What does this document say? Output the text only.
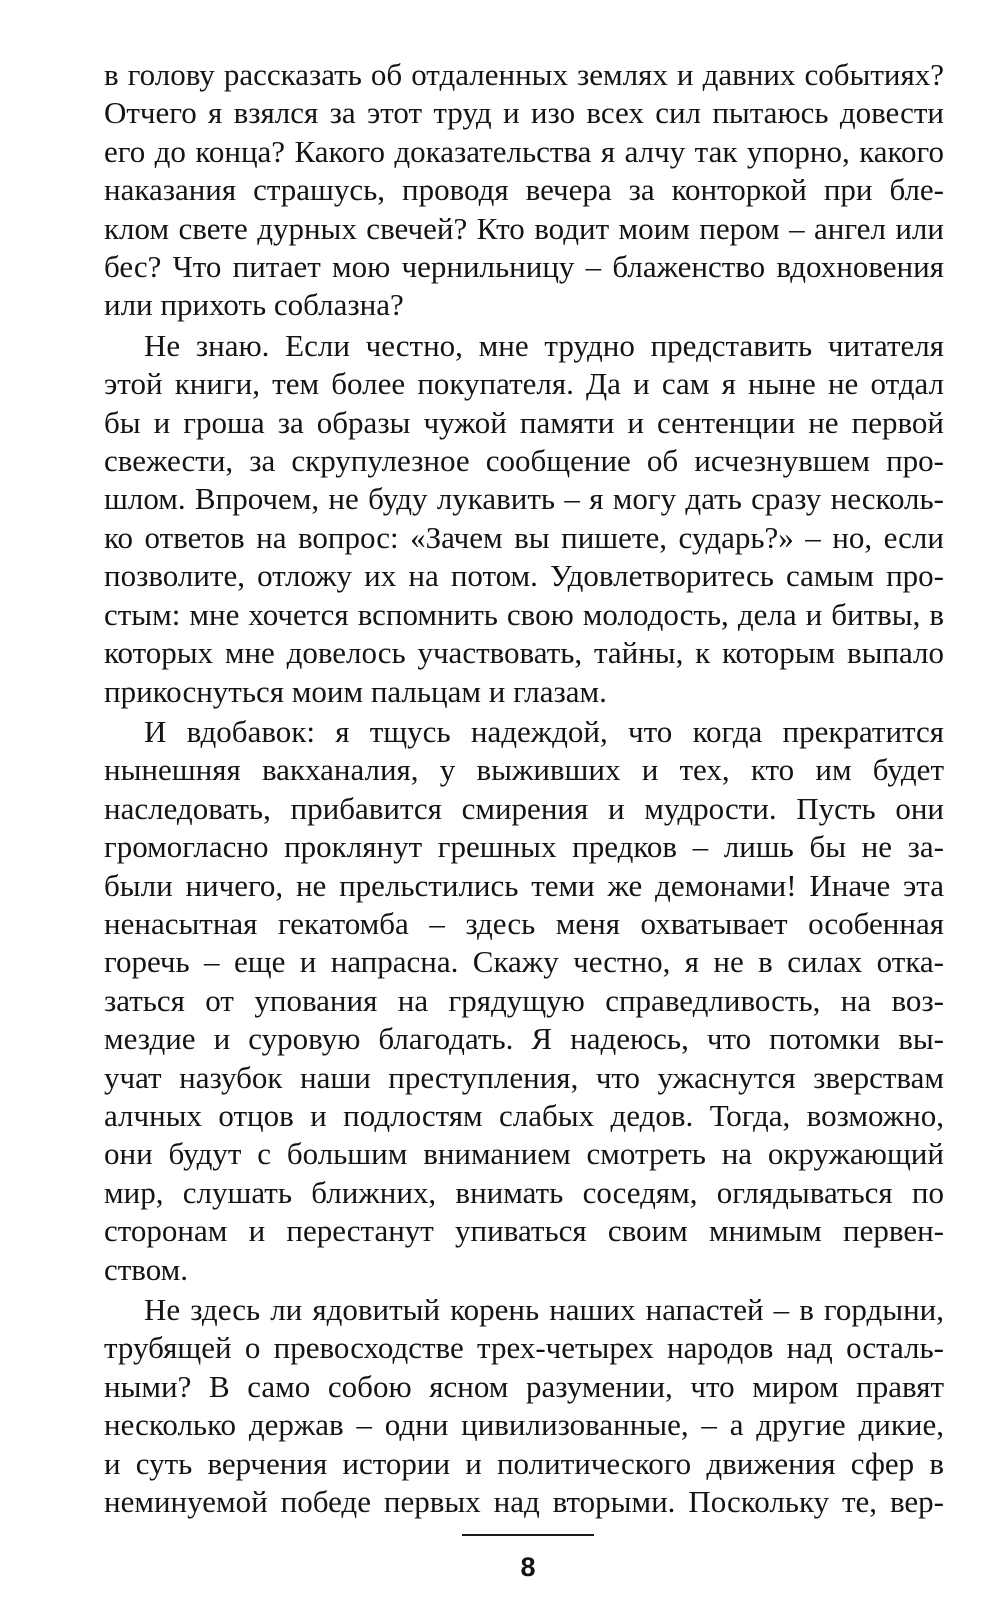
в голову рассказать об отдаленных землях и давних событиях?
Отчего я взялся за этот труд и изо всех сил пытаюсь довести
его до конца? Какого доказательства я алчу так упорно, какого
наказания страшусь, проводя вечера за конторкой при бле-
клом свете дурных свечей? Кто водит моим пером – ангел или
бес? Что питает мою чернильницу – блаженство вдохновения
или прихоть соблазна?

Не знаю. Если честно, мне трудно представить читателя
этой книги, тем более покупателя. Да и сам я ныне не отдал
бы и гроша за образы чужой памяти и сентенции не первой
свежести, за скрупулезное сообщение об исчезнувшем про-
шлом. Впрочем, не буду лукавить – я могу дать сразу несколь-
ко ответов на вопрос: «Зачем вы пишете, сударь?» – но, если
позволите, отложу их на потом. Удовлетворитесь самым про-
стым: мне хочется вспомнить свою молодость, дела и битвы, в
которых мне довелось участвовать, тайны, к которым выпало
прикоснуться моим пальцам и глазам.

И вдобавок: я тщусь надеждой, что когда прекратится
нынешняя вакханалия, у выживших и тех, кто им будет
наследовать, прибавится смирения и мудрости. Пусть они
громогласно проклянут грешных предков – лишь бы не за-
были ничего, не прельстились теми же демонами! Иначе эта
ненасытная гекатомба – здесь меня охватывает особенная
горечь – еще и напрасна. Скажу честно, я не в силах отка-
заться от упования на грядущую справедливость, на воз-
мездие и суровую благодать. Я надеюсь, что потомки вы-
учат назубок наши преступления, что ужаснутся зверствам
алчных отцов и подлостям слабых дедов. Тогда, возможно,
они будут с большим вниманием смотреть на окружающий
мир, слушать ближних, внимать соседям, оглядываться по
сторонам и перестанут упиваться своим мнимым первен-
ством.

Не здесь ли ядовитый корень наших напастей – в гордыни,
трубящей о превосходстве трех-четырех народов над осталь-
ными? В само собою ясном разумении, что миром правят
несколько держав – одни цивилизованные, – а другие дикие,
и суть верчения истории и политического движения сфер в
неминуемой победе первых над вторыми. Поскольку те, вер-

8
